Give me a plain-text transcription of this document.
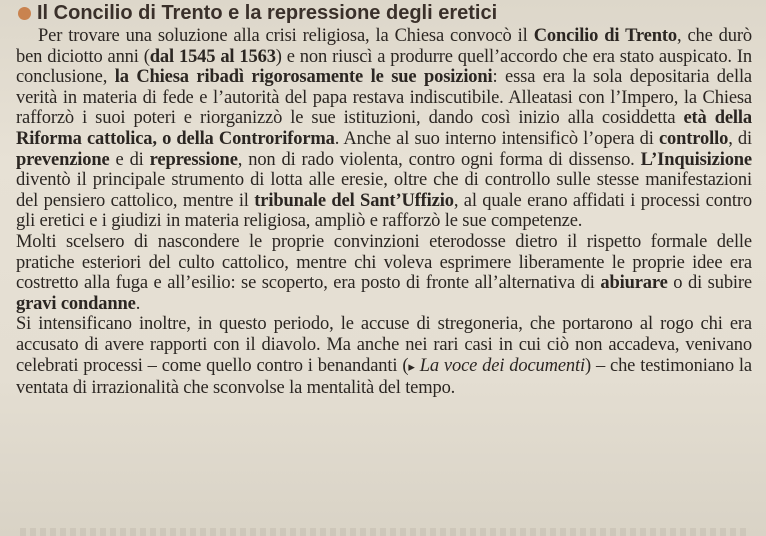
Il Concilio di Trento e la repressione degli eretici

Per trovare una soluzione alla crisi religiosa, la Chiesa convocò il Concilio di Trento, che durò ben diciotto anni (dal 1545 al 1563) e non riuscì a produrre quell’accordo che era stato auspicato. In conclusione, la Chiesa ribadì rigorosamente le sue posizioni: essa era la sola depositaria della verità in materia di fede e l’autorità del papa restava indiscutibile. Alleatasi con l’Impero, la Chiesa rafforzò i suoi poteri e riorganizzò le sue istituzioni, dando così inizio alla cosiddetta età della Riforma cattolica, o della Controriforma. Anche al suo interno intensificò l’opera di controllo, di prevenzione e di repressione, non di rado violenta, contro ogni forma di dissenso. L’Inquisizione diventò il principale strumento di lotta alle eresie, oltre che di controllo sulle stesse manifestazioni del pensiero cattolico, mentre il tribunale del Sant’Uffizio, al quale erano affidati i processi contro gli eretici e i giudizi in materia religiosa, ampliò e rafforzò le sue competenze.

Molti scelsero di nascondere le proprie convinzioni eterodosse dietro il rispetto formale delle pratiche esteriori del culto cattolico, mentre chi voleva esprimere liberamente le proprie idee era costretto alla fuga e all’esilio: se scoperto, era posto di fronte all’alternativa di abiurare o di subire gravi condanne.

Si intensificano inoltre, in questo periodo, le accuse di stregoneria, che portarono al rogo chi era accusato di avere rapporti con il diavolo. Ma anche nei rari casi in cui ciò non accadeva, venivano celebrati processi – come quello contro i benandanti (▸ La voce dei documenti) – che testimoniano la ventata di irrazionalità che sconvolse la mentalità del tempo.
